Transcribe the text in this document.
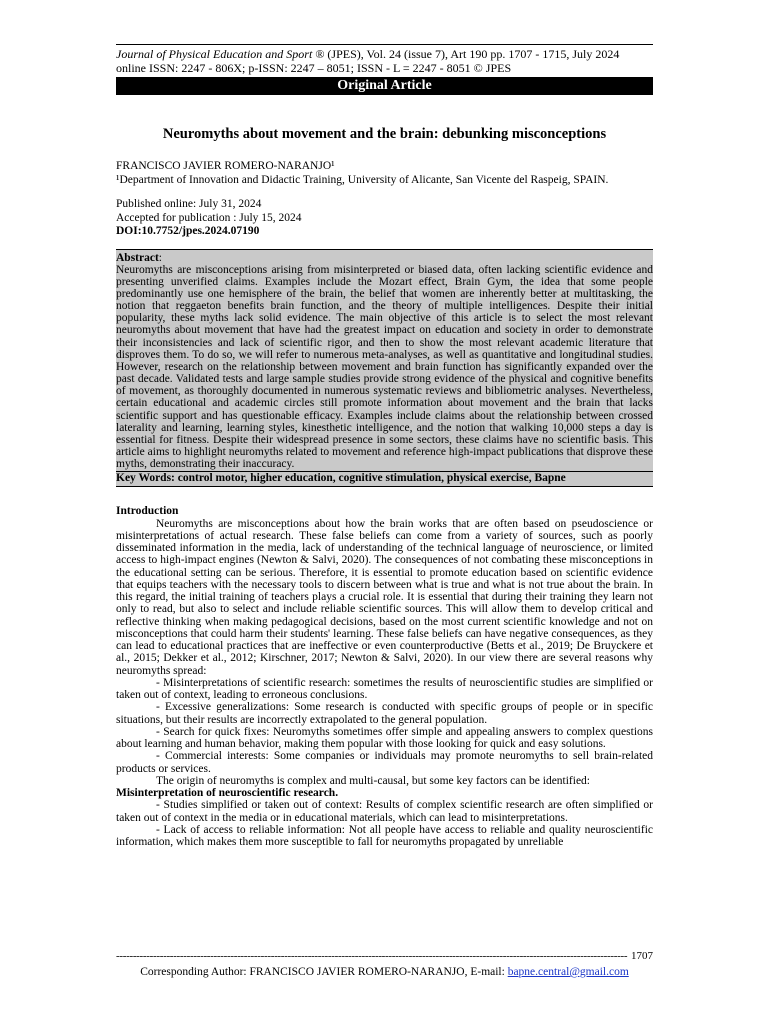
Journal of Physical Education and Sport ® (JPES), Vol. 24 (issue 7), Art 190 pp. 1707 - 1715, July 2024
online ISSN: 2247 - 806X; p-ISSN: 2247 – 8051; ISSN - L = 2247 - 8051 © JPES
Original Article
Neuromyths about movement and the brain: debunking misconceptions
FRANCISCO JAVIER ROMERO-NARANJO¹
¹Department of Innovation and Didactic Training, University of Alicante, San Vicente del Raspeig, SPAIN.
Published online: July 31, 2024
Accepted for publication : July 15, 2024
DOI:10.7752/jpes.2024.07190
Abstract:
Neuromyths are misconceptions arising from misinterpreted or biased data, often lacking scientific evidence and presenting unverified claims. Examples include the Mozart effect, Brain Gym, the idea that some people predominantly use one hemisphere of the brain, the belief that women are inherently better at multitasking, the notion that reggaeton benefits brain function, and the theory of multiple intelligences. Despite their initial popularity, these myths lack solid evidence. The main objective of this article is to select the most relevant neuromyths about movement that have had the greatest impact on education and society in order to demonstrate their inconsistencies and lack of scientific rigor, and then to show the most relevant academic literature that disproves them. To do so, we will refer to numerous meta-analyses, as well as quantitative and longitudinal studies. However, research on the relationship between movement and brain function has significantly expanded over the past decade. Validated tests and large sample studies provide strong evidence of the physical and cognitive benefits of movement, as thoroughly documented in numerous systematic reviews and bibliometric analyses. Nevertheless, certain educational and academic circles still promote information about movement and the brain that lacks scientific support and has questionable efficacy. Examples include claims about the relationship between crossed laterality and learning, learning styles, kinesthetic intelligence, and the notion that walking 10,000 steps a day is essential for fitness. Despite their widespread presence in some sectors, these claims have no scientific basis. This article aims to highlight neuromyths related to movement and reference high-impact publications that disprove these myths, demonstrating their inaccuracy.
Key Words: control motor, higher education, cognitive stimulation, physical exercise, Bapne
Introduction

Neuromyths are misconceptions about how the brain works that are often based on pseudoscience or misinterpretations of actual research. These false beliefs can come from a variety of sources, such as poorly disseminated information in the media, lack of understanding of the technical language of neuroscience, or limited access to high-impact engines (Newton & Salvi, 2020). The consequences of not combating these misconceptions in the educational setting can be serious. Therefore, it is essential to promote education based on scientific evidence that equips teachers with the necessary tools to discern between what is true and what is not true about the brain. In this regard, the initial training of teachers plays a crucial role. It is essential that during their training they learn not only to read, but also to select and include reliable scientific sources. This will allow them to develop critical and reflective thinking when making pedagogical decisions, based on the most current scientific knowledge and not on misconceptions that could harm their students' learning. These false beliefs can have negative consequences, as they can lead to educational practices that are ineffective or even counterproductive (Betts et al., 2019; De Bruyckere et al., 2015; Dekker et al., 2012; Kirschner, 2017; Newton & Salvi, 2020). In our view there are several reasons why neuromyths spread:

- Misinterpretations of scientific research: sometimes the results of neuroscientific studies are simplified or taken out of context, leading to erroneous conclusions.

- Excessive generalizations: Some research is conducted with specific groups of people or in specific situations, but their results are incorrectly extrapolated to the general population.

- Search for quick fixes: Neuromyths sometimes offer simple and appealing answers to complex questions about learning and human behavior, making them popular with those looking for quick and easy solutions.

- Commercial interests: Some companies or individuals may promote neuromyths to sell brain-related products or services.

The origin of neuromyths is complex and multi-causal, but some key factors can be identified:

Misinterpretation of neuroscientific research.

- Studies simplified or taken out of context: Results of complex scientific research are often simplified or taken out of context in the media or in educational materials, which can lead to misinterpretations.

- Lack of access to reliable information: Not all people have access to reliable and quality neuroscientific information, which makes them more susceptible to fall for neuromyths propagated by unreliable

-------------------------------------------------------------------------------------------------------------------------------------------------------- 1707
Corresponding Author: FRANCISCO JAVIER ROMERO-NARANJO, E-mail: bapne.central@gmail.com
